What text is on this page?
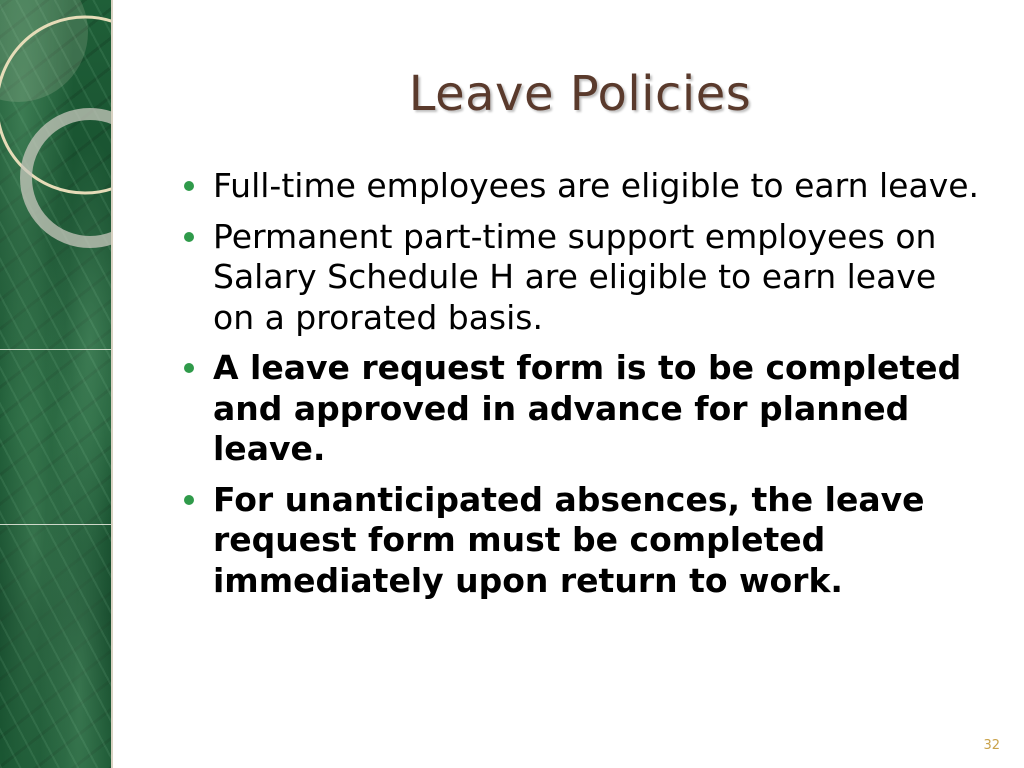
Leave Policies
Full-time employees are eligible to earn leave.
Permanent part-time support employees on Salary Schedule H are eligible to earn leave on a prorated basis.
A leave request form is to be completed and approved in advance for planned leave.
For unanticipated absences, the leave request form must be completed immediately upon return to work.
32
